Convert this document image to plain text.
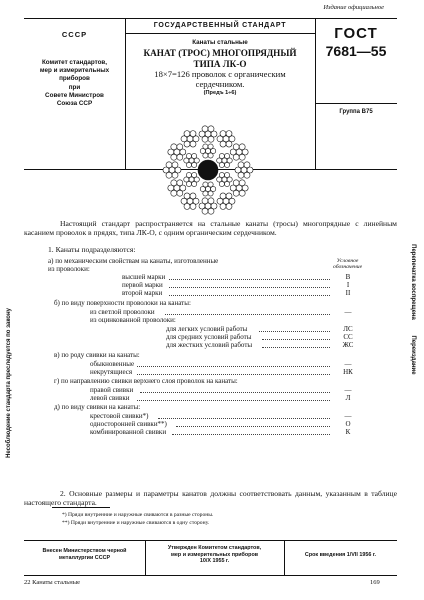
Издание официальное
ГОСУДАРСТВЕННЫЙ СТАНДАРТ
СССР
Комитет стандартов,
мер и измерительных
приборов
при
Совете Министров
Союза ССР
Канаты стальные
КАНАТ (ТРОС) МНОГОПРЯДНЫЙ
ТИПА ЛК-О
18×7=126 проволок с органическим
сердечником.
(Предъ 1÷6)
ГОСТ
7681—55
Группа В75
Настоящий стандарт распространяется на стальные канаты (тросы) многопрядные с линейным касанием проволок в прядях, типа ЛК-О, с одним органическим сердечником.
1. Канаты подразделяются:
Условное
обозначение
а) по механическим свойствам на канаты, изготовленные
из проволоки:
высшей марки	В
первой марки	I
второй марки	II
б) по виду поверхности проволоки на канаты:
из светлой проволоки	—
из оцинкованной проволоки:
для легких условий работы	ЛС
для средних условий работы	СС
для жестких условий работы	ЖС
в) по роду свивки на канаты:
обыкновенные	—
некрутящиеся	НК
г) по направлению свивки верхнего слоя проволок на канаты:
правой свивки	—
левой свивки	Л
д) по виду свивки на канаты:
крестовой свивки*)	—
односторонней свивки**)	О
комбинированной свивки	К
2. Основные размеры и параметры канатов должны соответствовать данным, указанным в таблице настоящего стандарта.
*) Пряди внутренние и наружные свиваются в разные стороны.
**) Пряди внутренние и наружные свиваются в одну сторону.
Внесен Министерством черной
металлургии СССР
Утвержден Комитетом стандартов,
мер и измерительных приборов
10/X 1955 г.
Срок введения 1/VII 1956 г.
22 Канаты стальные	169
Несоблюдение стандарта преследуется по закону
Перепечатка воспрещена
Переиздание
